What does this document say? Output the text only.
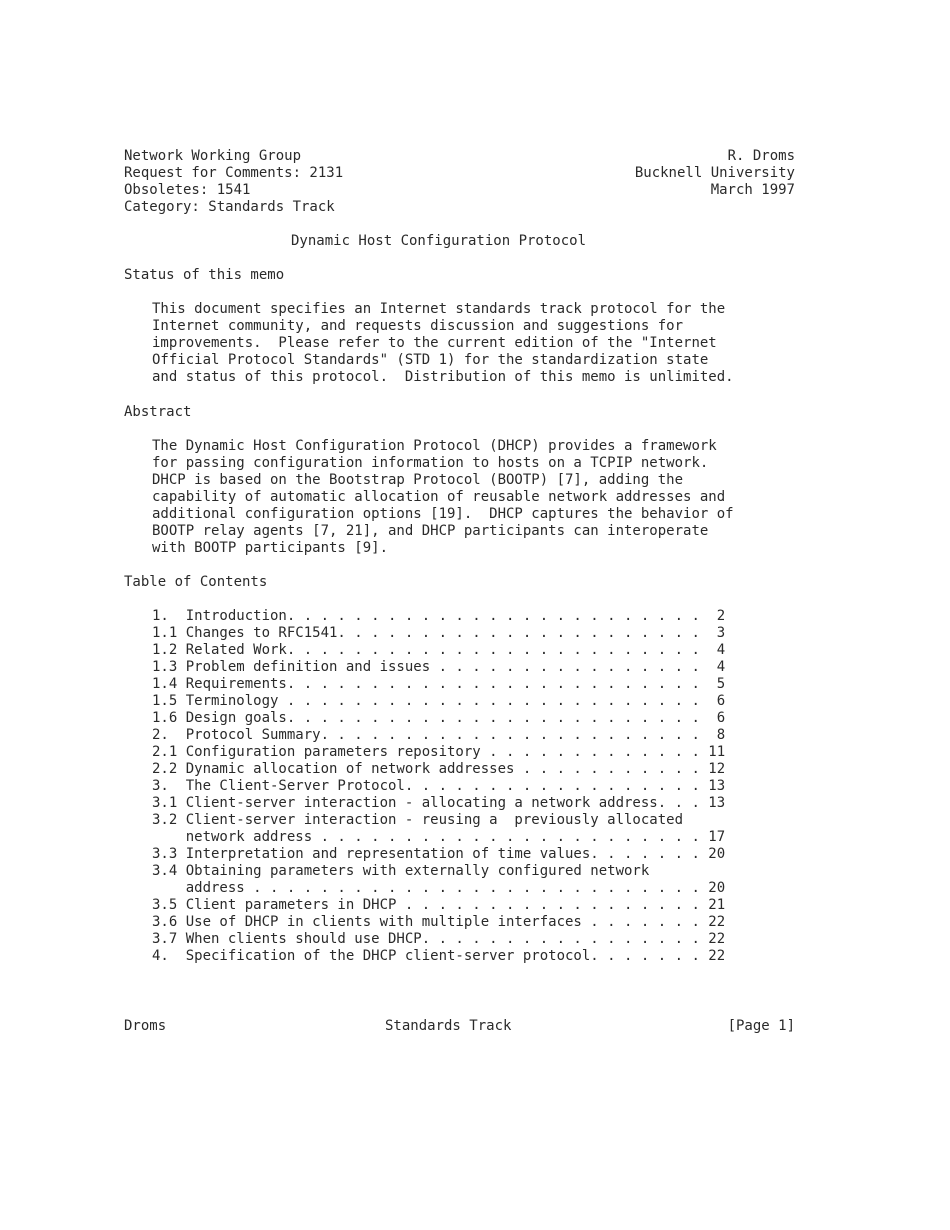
Network Working Group
Request for Comments: 2131
Obsoletes: 1541
Category: Standards Track
R. Droms
Bucknell University
March 1997
Dynamic Host Configuration Protocol
Status of this memo
This document specifies an Internet standards track protocol for the
Internet community, and requests discussion and suggestions for
improvements.  Please refer to the current edition of the "Internet
Official Protocol Standards" (STD 1) for the standardization state
and status of this protocol.  Distribution of this memo is unlimited.
Abstract
The Dynamic Host Configuration Protocol (DHCP) provides a framework
for passing configuration information to hosts on a TCPIP network.
DHCP is based on the Bootstrap Protocol (BOOTP) [7], adding the
capability of automatic allocation of reusable network addresses and
additional configuration options [19].  DHCP captures the behavior of
BOOTP relay agents [7, 21], and DHCP participants can interoperate
with BOOTP participants [9].
Table of Contents
1.  Introduction. . . . . . . . . . . . . . . . . . . . . . . . .  2
1.1 Changes to RFC1541. . . . . . . . . . . . . . . . . . . . . .  3
1.2 Related Work. . . . . . . . . . . . . . . . . . . . . . . . .  4
1.3 Problem definition and issues . . . . . . . . . . . . . . . .  4
1.4 Requirements. . . . . . . . . . . . . . . . . . . . . . . . .  5
1.5 Terminology . . . . . . . . . . . . . . . . . . . . . . . . .  6
1.6 Design goals. . . . . . . . . . . . . . . . . . . . . . . . .  6
2.  Protocol Summary. . . . . . . . . . . . . . . . . . . . . . .  8
2.1 Configuration parameters repository . . . . . . . . . . . . . 11
2.2 Dynamic allocation of network addresses . . . . . . . . . . . 12
3.  The Client-Server Protocol. . . . . . . . . . . . . . . . . . 13
3.1 Client-server interaction - allocating a network address. . . 13
3.2 Client-server interaction - reusing a  previously allocated
network address . . . . . . . . . . . . . . . . . . . . . . . 17
3.3 Interpretation and representation of time values. . . . . . . 20
3.4 Obtaining parameters with externally configured network
address . . . . . . . . . . . . . . . . . . . . . . . . . . . 20
3.5 Client parameters in DHCP . . . . . . . . . . . . . . . . . . 21
3.6 Use of DHCP in clients with multiple interfaces . . . . . . . 22
3.7 When clients should use DHCP. . . . . . . . . . . . . . . . . 22
4.  Specification of the DHCP client-server protocol. . . . . . . 22
Droms	Standards Track	[Page 1]
